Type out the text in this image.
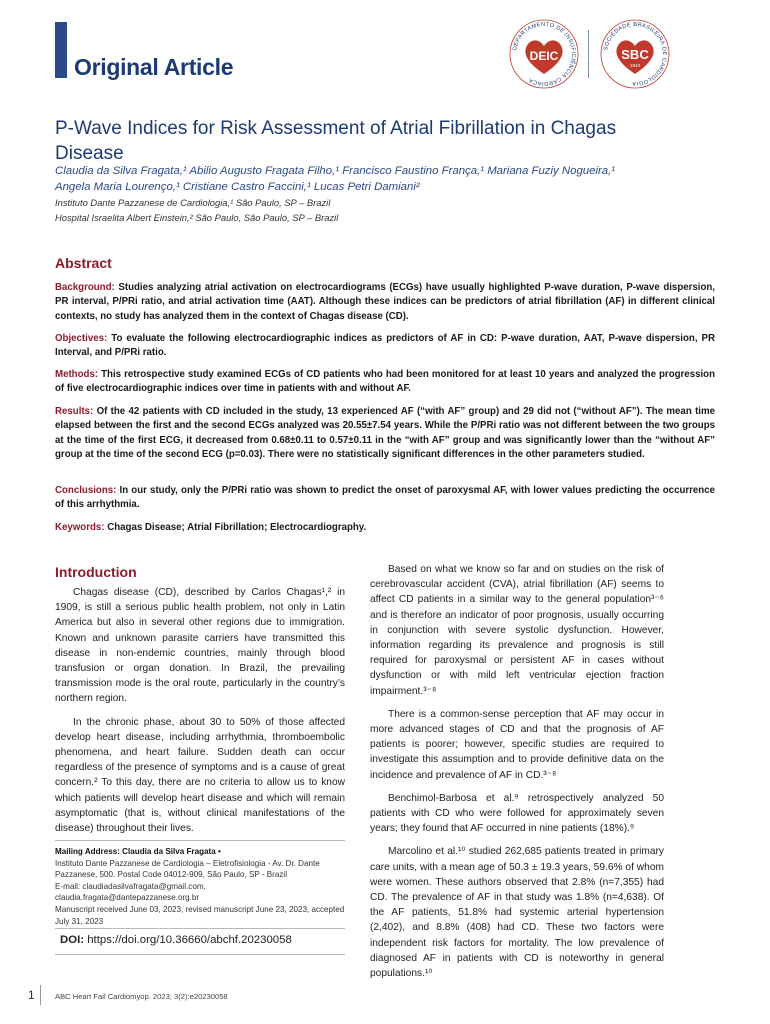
Original Article
DEPARTAMENTO DE INSUFICIÊNCIA CARDÍACA
DEIC
SOCIEDADE BRASILEIRA DE CARDIOLOGIA
SBC
1943
P-Wave Indices for Risk Assessment of Atrial Fibrillation in Chagas
Disease
Claudia da Silva Fragata,¹ Abilio Augusto Fragata Filho,¹ Francisco Faustino França,¹ Mariana Fuziy Nogueira,¹
Angela Maria Lourenço,¹ Cristiane Castro Faccini,¹ Lucas Petri Damiani²
Instituto Dante Pazzanese de Cardiologia,¹ São Paulo, SP – Brazil
Hospital Israelita Albert Einstein,² São Paulo, São Paulo, SP – Brazil
Abstract

Background: Studies analyzing atrial activation on electrocardiograms (ECGs) have usually highlighted P-wave duration, P-wave dispersion, PR interval, P/PRi ratio, and atrial activation time (AAT). Although these indices can be predictors of atrial fibrillation (AF) in different clinical contexts, no study has analyzed them in the context of Chagas disease (CD).

Objectives: To evaluate the following electrocardiographic indices as predictors of AF in CD: P-wave duration, AAT, P-wave dispersion, PR Interval, and P/PRi ratio.

Methods: This retrospective study examined ECGs of CD patients who had been monitored for at least 10 years and analyzed the progression of five electrocardiographic indices over time in patients with and without AF.

Results: Of the 42 patients with CD included in the study, 13 experienced AF (“with AF” group) and 29 did not (“without AF”). The mean time elapsed between the first and the second ECGs analyzed was 20.55±7.54 years. While the P/PRi ratio was not different between the two groups at the time of the first ECG, it decreased from 0.68±0.11 to 0.57±0.11 in the “with AF” group and was significantly lower than the “without AF” group at the time of the second ECG (p=0.03). There were no statistically significant differences in the other parameters studied.

Conclusions: In our study, only the P/PRi ratio was shown to predict the onset of paroxysmal AF, with lower values predicting the occurrence of this arrhythmia.

Keywords: Chagas Disease; Atrial Fibrillation; Electrocardiography.

Introduction

Chagas disease (CD), described by Carlos Chagas¹,² in 1909, is still a serious public health problem, not only in Latin America but also in several other regions due to immigration. Known and unknown parasite carriers have transmitted this disease in non-endemic countries, mainly through blood transfusion or organ donation. In Brazil, the prevailing transmission mode is the oral route, particularly in the country’s northern region.

In the chronic phase, about 30 to 50% of those affected develop heart disease, including arrhythmia, thromboembolic phenomena, and heart failure. Sudden death can occur regardless of the presence of symptoms and is a cause of great concern.² To this day, there are no criteria to allow us to know which patients will develop heart disease and which will remain asymptomatic (that is, without clinical manifestations of the disease) throughout their lives.

Based on what we know so far and on studies on the risk of cerebrovascular accident (CVA), atrial fibrillation (AF) seems to affect CD patients in a similar way to the general population³⁻⁶ and is therefore an indicator of poor prognosis, usually occurring in conjunction with severe systolic dysfunction. However, information regarding its prevalence and prognosis is still required for paroxysmal or persistent AF in cases without dysfunction or with mild left ventricular ejection fraction impairment.³⁻⁸

There is a common-sense perception that AF may occur in more advanced stages of CD and that the prognosis of AF patients is poorer; however, specific studies are required to investigate this assumption and to provide definitive data on the incidence and prevalence of AF in CD.³⁻⁸

Benchimol-Barbosa et al.⁹ retrospectively analyzed 50 patients with CD who were followed for approximately seven years; they found that AF occurred in nine patients (18%).⁹

Marcolino et al.¹⁰ studied 262,685 patients treated in primary care units, with a mean age of 50.3 ± 19.3 years, 59.6% of whom were women. These authors observed that 2.8% (n=7,355) had CD. The prevalence of AF in that study was 1.8% (n=4,638). Of the AF patients, 51.8% had systemic arterial hypertension (2,402), and 8.8% (408) had CD. These two factors were independent risk factors for mortality. The low prevalence of diagnosed AF in patients with CD is noteworthy in general populations.¹⁰

Mailing Address: Claudia da Silva Fragata •
Instituto Dante Pazzanese de Cardiologia – Eletrofisiologia - Av. Dr. Dante Pazzanese, 500. Postal Code 04012-909, São Paulo, SP - Brazil
E-mail: claudiadasilvafragata@gmail.com, claudia.fragata@dantepazzanese.org.br
Manuscript received June 03, 2023, revised manuscript June 23, 2023, accepted July 31, 2023
DOI: https://doi.org/10.36660/abchf.20230058
1	ABC Heart Fail Cardiomyop. 2023; 3(2):e20230058
